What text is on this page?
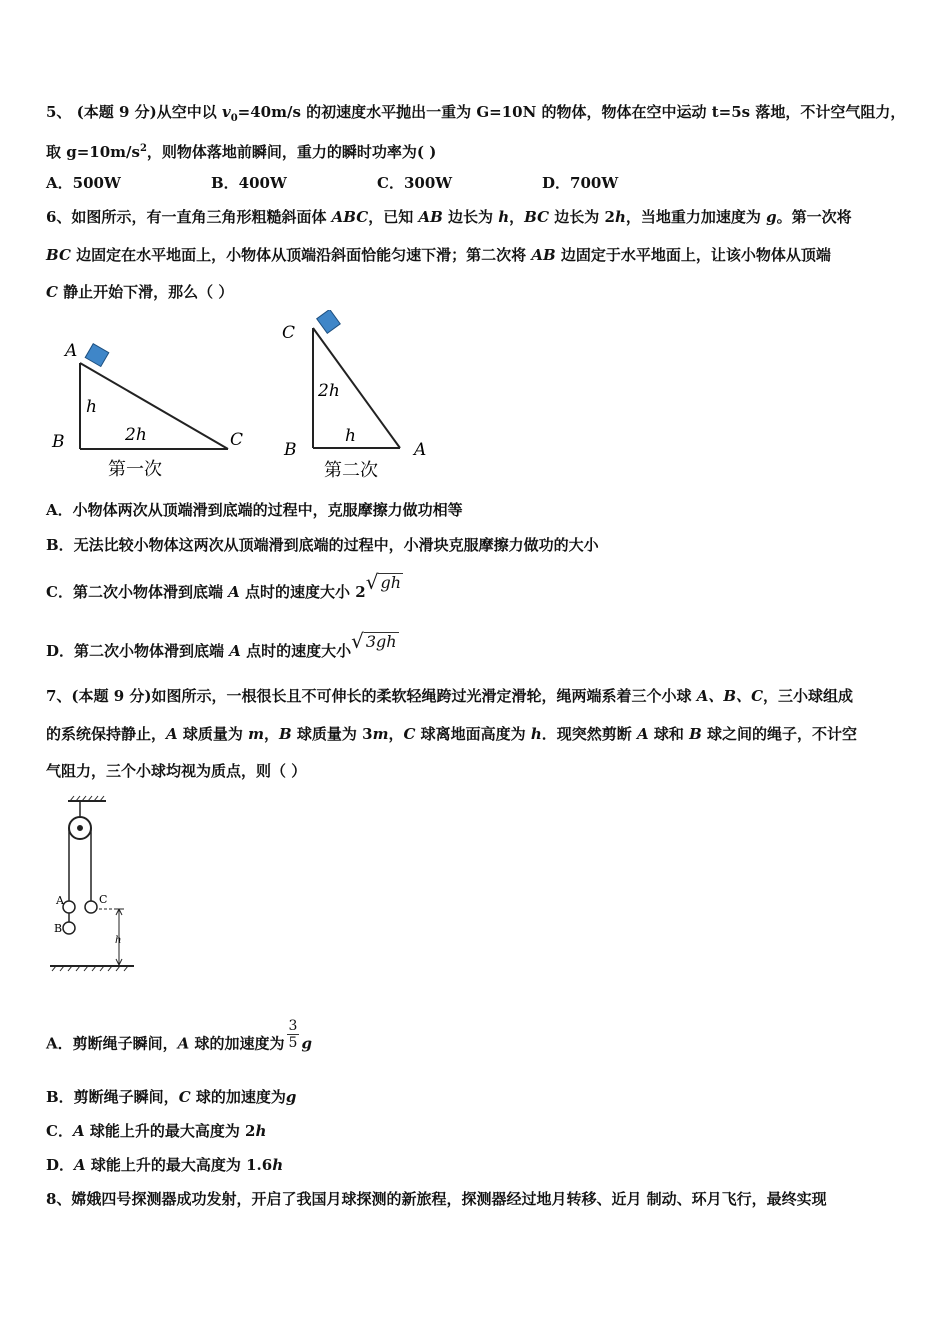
5、 (本题 9 分)从空中以 $v_0=40m/s$ 的初速度水平抛出一重为 G=10N 的物体，物体在空中运动 t=5s 落地，不计空气阻力，
取 $g=10m/s^2$，则物体落地前瞬间，重力的瞬时功率为( )
A．500W	B．400W	C．300W	D．700W
6、如图所示，有一直角三角形粗糙斜面体 ABC，已知 AB 边长为 h，BC 边长为 2h，当地重力加速度为 g。第一次将
BC 边固定在水平地面上，小物体从顶端沿斜面恰能匀速下滑；第二次将 AB 边固定于水平地面上，让该小物体从顶端
C 静止开始下滑，那么（ ）
A
B	C
h
2h
第一次
C
B	A
2h
h
第二次
A．小物体两次从顶端滑到底端的过程中，克服摩擦力做功相等
B．无法比较小物体这两次从顶端滑到底端的过程中，小滑块克服摩擦力做功的大小
C．第二次小物体滑到底端 A 点时的速度大小 2 √ gh
D．第二次小物体滑到底端 A 点时的速度大小 √ 3gh
7、(本题 9 分)如图所示，一根很长且不可伸长的柔软轻绳跨过光滑定滑轮，绳两端系着三个小球 A、B、C，三小球组成
的系统保持静止，A 球质量为 m，B 球质量为 3m，C 球离地面高度为 h．现突然剪断 A 球和 B 球之间的绳子，不计空
气阻力，三个小球均视为质点，则（ ）
A
B
C
h
A．剪断绳子瞬间，A 球的加速度为 $\frac{3}{5}$ g
B．剪断绳子瞬间，C 球的加速度为g
C．A 球能上升的最大高度为 2h
D．A 球能上升的最大高度为 1.6h
8、嫦娥四号探测器成功发射，开启了我国月球探测的新旅程，探测器经过地月转移、近月 制动、环月飞行，最终实现
